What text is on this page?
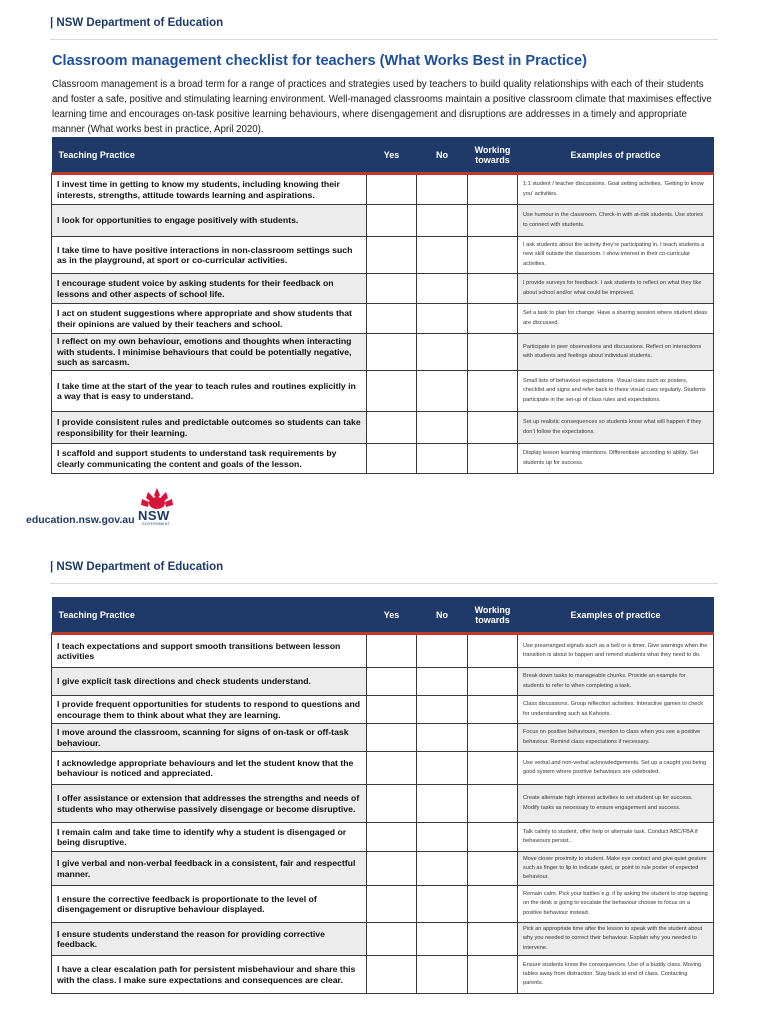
| NSW Department of Education
Classroom management checklist for teachers (What Works Best in Practice)

Classroom management is a broad term for a range of practices and strategies used by teachers to build quality relationships with each of their students and foster a safe, positive and stimulating learning environment. Well-managed classrooms maintain a positive classroom climate that maximises effective learning time and encourages on-task positive learning behaviours, where disengagement and disruptions are addresses in a timely and appropriate manner (What works best in practice, April 2020).

Teaching Practice	Yes	No	Working towards	Examples of practice
I invest time in getting to know my students, including knowing their interests, strengths, attitude towards learning and aspirations.				1:1 student / teacher discussions. Goal setting activities, ‘Getting to know you’ activities.
I look for opportunities to engage positively with students.				Use humour in the classroom. Check-in with at-risk students. Use stories to connect with students.
I take time to have positive interactions in non-classroom settings such as in the playground, at sport or co-curricular activities.				I ask students about the activity they’re participating in. I teach students a new skill outside the classroom. I show interest in their co-curricular activities.
I encourage student voice by asking students for their feedback on lessons and other aspects of school life.				I provide surveys for feedback. I ask students to reflect on what they like about school and/or what could be improved.
I act on student suggestions where appropriate and show students that their opinions are valued by their teachers and school.				Set a task to plan for change. Have a sharing session where student ideas are discussed.
I reflect on my own behaviour, emotions and thoughts when interacting with students. I minimise behaviours that could be potentially negative, such as sarcasm.				Participate in peer observations and discussions. Reflect on interactions with students and feelings about individual students.
I take time at the start of the year to teach rules and routines explicitly in a way that is easy to understand.				Small lists of behaviour expectations. Visual cues such as posters, checklist and signs and refer back to these visual cues regularly. Students participate in the set-up of class rules and expectations.
I provide consistent rules and predictable outcomes so students can take responsibility for their learning.				Set up realistic consequences so students know what will happen if they don’t follow the expectations.
I scaffold and support students to understand task requirements by clearly communicating the content and goals of the lesson.				Display lesson learning intentions. Differentiate according to ability. Set students up for success.
education.nsw.gov.au NSW
GOVERNMENT
| NSW Department of Education
Teaching Practice	Yes	No	Working towards	Examples of practice
I teach expectations and support smooth transitions between lesson activities				Use prearranged signals such as a bell or a timer. Give warnings when the transition is about to happen and remind students what they need to do.
I give explicit task directions and check students understand.				Break down tasks to manageable chunks. Provide an example for students to refer to when completing a task.
I provide frequent opportunities for students to respond to questions and encourage them to think about what they are learning.				Class discussions. Group reflection activities. Interactive games to check for understanding such as Kahoots.
I move around the classroom, scanning for signs of on-task or off-task behaviour.				Focus on positive behaviours, mention to class when you see a positive behaviour. Remind class expectations if necessary.
I acknowledge appropriate behaviours and let the student know that the behaviour is noticed and appreciated.				Use verbal and non-verbal acknowledgements. Set up a caught you being good system where positive behaviours are celebrated.
I offer assistance or extension that addresses the strengths and needs of students who may otherwise passively disengage or become disruptive.				Create alternate high interest activities to set student up for success. Modify tasks as necessary to ensure engagement and success.
I remain calm and take time to identify why a student is disengaged or being disruptive.				Talk calmly to student, offer help or alternate task. Conduct ABC/FBA if behaviours persist..
I give verbal and non-verbal feedback in a consistent, fair and respectful manner.				Move closer proximity to student. Make eye contact and give quiet gesture such as finger to lip to indicate quiet, or point to rule poster of expected behaviour.
I ensure the corrective feedback is proportionate to the level of disengagement or disruptive behaviour displayed.				Remain calm. Pick your battles e.g. if by asking the student to stop tapping on the desk is going to escalate the behaviour choose to focus on a positive behaviour instead.
I ensure students understand the reason for providing corrective feedback.				Pick an appropriate time after the lesson to speak with the student about why you needed to correct their behaviour. Explain why you needed to intervene.
I have a clear escalation path for persistent misbehaviour and share this with the class. I make sure expectations and consequences are clear.				Ensure students know the consequences. Use of a buddy class. Moving tables away from distraction. Stay back at end of class. Contacting parents.
